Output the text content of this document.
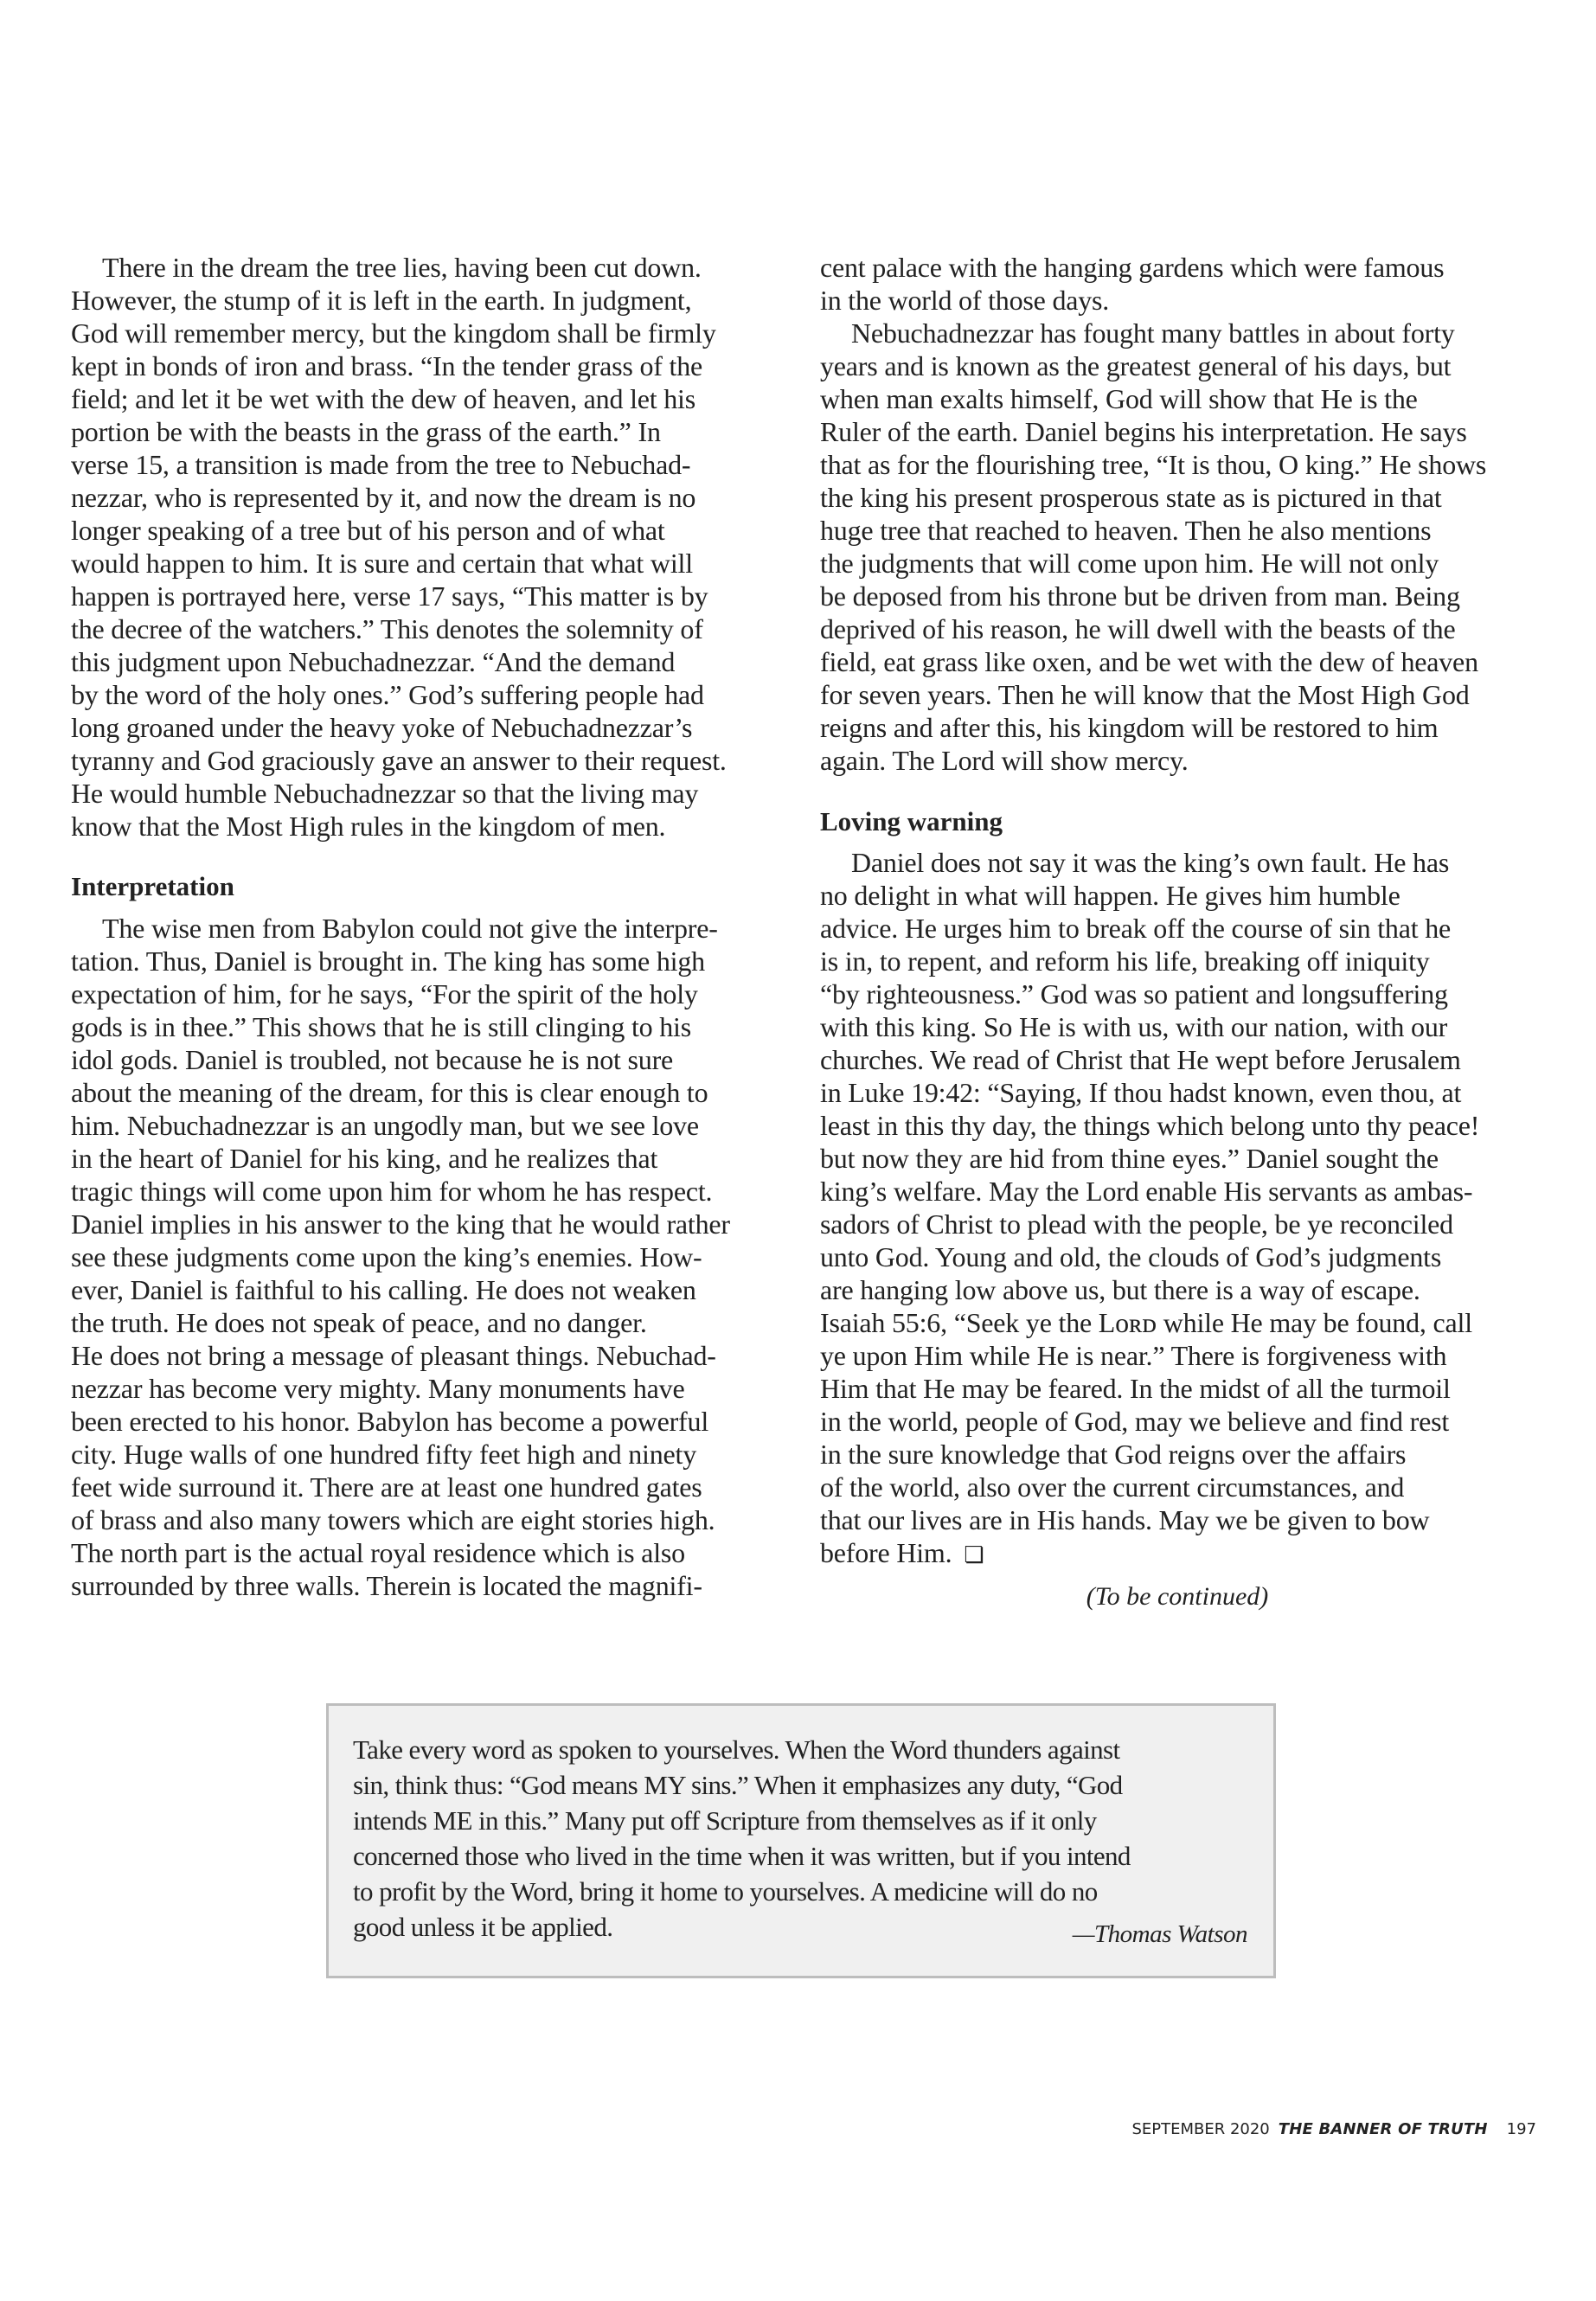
There in the dream the tree lies, having been cut down.
However, the stump of it is left in the earth. In judgment,
God will remember mercy, but the kingdom shall be firmly
kept in bonds of iron and brass. “In the tender grass of the
field; and let it be wet with the dew of heaven, and let his
portion be with the beasts in the grass of the earth.” In
verse 15, a transition is made from the tree to Nebuchad-
nezzar, who is represented by it, and now the dream is no
longer speaking of a tree but of his person and of what
would happen to him. It is sure and certain that what will
happen is portrayed here, verse 17 says, “This matter is by
the decree of the watchers.” This denotes the solemnity of
this judgment upon Nebuchadnezzar. “And the demand
by the word of the holy ones.” God’s suffering people had
long groaned under the heavy yoke of Nebuchadnezzar’s
tyranny and God graciously gave an answer to their request.
He would humble Nebuchadnezzar so that the living may
know that the Most High rules in the kingdom of men.
Interpretation
The wise men from Babylon could not give the interpre-
tation. Thus, Daniel is brought in. The king has some high
expectation of him, for he says, “For the spirit of the holy
gods is in thee.” This shows that he is still clinging to his
idol gods. Daniel is troubled, not because he is not sure
about the meaning of the dream, for this is clear enough to
him. Nebuchadnezzar is an ungodly man, but we see love
in the heart of Daniel for his king, and he realizes that
tragic things will come upon him for whom he has respect.
Daniel implies in his answer to the king that he would rather
see these judgments come upon the king’s enemies. How-
ever, Daniel is faithful to his calling. He does not weaken
the truth. He does not speak of peace, and no danger.
He does not bring a message of pleasant things. Nebuchad-
nezzar has become very mighty. Many monuments have
been erected to his honor. Babylon has become a powerful
city. Huge walls of one hundred fifty feet high and ninety
feet wide surround it. There are at least one hundred gates
of brass and also many towers which are eight stories high.
The north part is the actual royal residence which is also
surrounded by three walls. Therein is located the magnifi-
cent palace with the hanging gardens which were famous
in the world of those days.
Nebuchadnezzar has fought many battles in about forty
years and is known as the greatest general of his days, but
when man exalts himself, God will show that He is the
Ruler of the earth. Daniel begins his interpretation. He says
that as for the flourishing tree, “It is thou, O king.” He shows
the king his present prosperous state as is pictured in that
huge tree that reached to heaven. Then he also mentions
the judgments that will come upon him. He will not only
be deposed from his throne but be driven from man. Being
deprived of his reason, he will dwell with the beasts of the
field, eat grass like oxen, and be wet with the dew of heaven
for seven years. Then he will know that the Most High God
reigns and after this, his kingdom will be restored to him
again. The Lord will show mercy.
Loving warning
Daniel does not say it was the king’s own fault. He has
no delight in what will happen. He gives him humble
advice. He urges him to break off the course of sin that he
is in, to repent, and reform his life, breaking off iniquity
“by righteousness.” God was so patient and longsuffering
with this king. So He is with us, with our nation, with our
churches. We read of Christ that He wept before Jerusalem
in Luke 19:42: “Saying, If thou hadst known, even thou, at
least in this thy day, the things which belong unto thy peace!
but now they are hid from thine eyes.” Daniel sought the
king’s welfare. May the Lord enable His servants as ambas-
sadors of Christ to plead with the people, be ye reconciled
unto God. Young and old, the clouds of God’s judgments
are hanging low above us, but there is a way of escape.
Isaiah 55:6, “Seek ye the Lᴏʀᴅ while He may be found, call
ye upon Him while He is near.” There is forgiveness with
Him that He may be feared. In the midst of all the turmoil
in the world, people of God, may we believe and find rest
in the sure knowledge that God reigns over the affairs
of the world, also over the current circumstances, and
that our lives are in His hands. May we be given to bow
before Him. ❏
(To be continued)
Take every word as spoken to yourselves. When the Word thunders against
sin, think thus: “God means MY sins.” When it emphasizes any duty, “God
intends ME in this.” Many put off Scripture from themselves as if it only
concerned those who lived in the time when it was written, but if you intend
to profit by the Word, bring it home to yourselves. A medicine will do no
good unless it be applied.	—Thomas Watson
SEPTEMBER 2020 THE BANNER OF TRUTH 197
